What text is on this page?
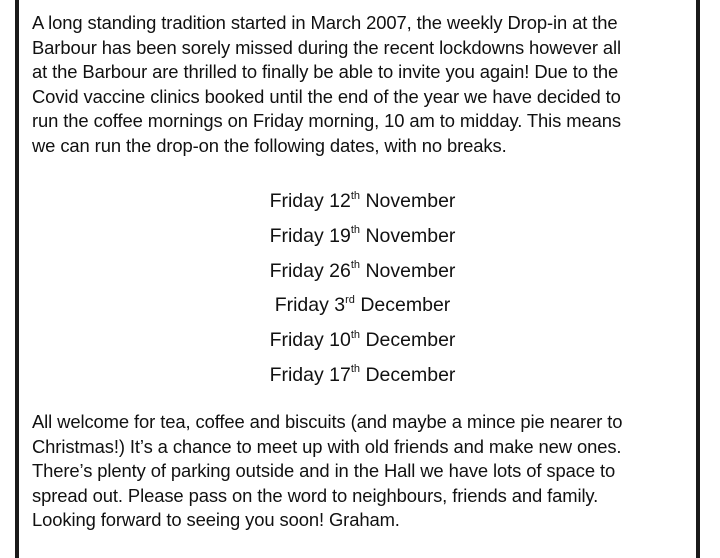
A long standing tradition started in March 2007, the weekly Drop-in at the
Barbour has been sorely missed during the recent lockdowns however all
at the Barbour are thrilled to finally be able to invite you again! Due to the
Covid vaccine clinics booked until the end of the year we have decided to
run the coffee mornings on Friday morning, 10 am to midday. This means
we can run the drop-on the following dates, with no breaks.

Friday 12th November
Friday 19th November
Friday 26th November
Friday 3rd December
Friday 10th December
Friday 17th December

All welcome for tea, coffee and biscuits (and maybe a mince pie nearer to
Christmas!) It’s a chance to meet up with old friends and make new ones.
There’s plenty of parking outside and in the Hall we have lots of space to
spread out. Please pass on the word to neighbours, friends and family.
Looking forward to seeing you soon! Graham.
